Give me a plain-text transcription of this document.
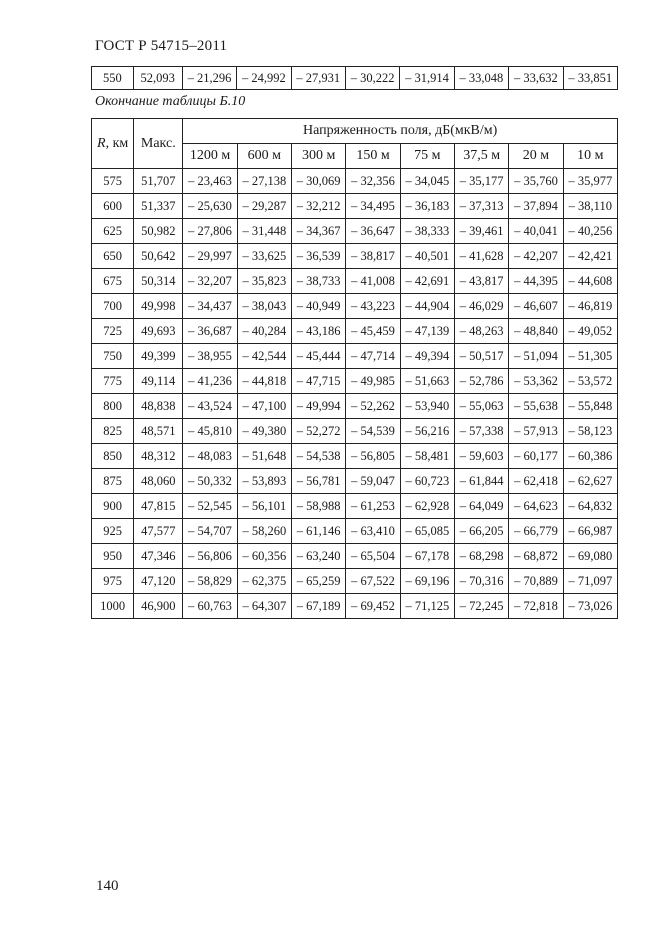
ГОСТ Р 54715–2011
550	52,093	– 21,296	– 24,992	– 27,931	– 30,222	– 31,914	– 33,048	– 33,632	– 33,851
Окончание таблицы Б.10
R, км	Макс.	Напряженность поля, дБ(мкВ/м)							
		1200 м	600 м	300 м	150 м	75 м	37,5 м	20 м	10 м
575	51,707	– 23,463	– 27,138	– 30,069	– 32,356	– 34,045	– 35,177	– 35,760	– 35,977
600	51,337	– 25,630	– 29,287	– 32,212	– 34,495	– 36,183	– 37,313	– 37,894	– 38,110
625	50,982	– 27,806	– 31,448	– 34,367	– 36,647	– 38,333	– 39,461	– 40,041	– 40,256
650	50,642	– 29,997	– 33,625	– 36,539	– 38,817	– 40,501	– 41,628	– 42,207	– 42,421
675	50,314	– 32,207	– 35,823	– 38,733	– 41,008	– 42,691	– 43,817	– 44,395	– 44,608
700	49,998	– 34,437	– 38,043	– 40,949	– 43,223	– 44,904	– 46,029	– 46,607	– 46,819
725	49,693	– 36,687	– 40,284	– 43,186	– 45,459	– 47,139	– 48,263	– 48,840	– 49,052
750	49,399	– 38,955	– 42,544	– 45,444	– 47,714	– 49,394	– 50,517	– 51,094	– 51,305
775	49,114	– 41,236	– 44,818	– 47,715	– 49,985	– 51,663	– 52,786	– 53,362	– 53,572
800	48,838	– 43,524	– 47,100	– 49,994	– 52,262	– 53,940	– 55,063	– 55,638	– 55,848
825	48,571	– 45,810	– 49,380	– 52,272	– 54,539	– 56,216	– 57,338	– 57,913	– 58,123
850	48,312	– 48,083	– 51,648	– 54,538	– 56,805	– 58,481	– 59,603	– 60,177	– 60,386
875	48,060	– 50,332	– 53,893	– 56,781	– 59,047	– 60,723	– 61,844	– 62,418	– 62,627
900	47,815	– 52,545	– 56,101	– 58,988	– 61,253	– 62,928	– 64,049	– 64,623	– 64,832
925	47,577	– 54,707	– 58,260	– 61,146	– 63,410	– 65,085	– 66,205	– 66,779	– 66,987
950	47,346	– 56,806	– 60,356	– 63,240	– 65,504	– 67,178	– 68,298	– 68,872	– 69,080
975	47,120	– 58,829	– 62,375	– 65,259	– 67,522	– 69,196	– 70,316	– 70,889	– 71,097
1000	46,900	– 60,763	– 64,307	– 67,189	– 69,452	– 71,125	– 72,245	– 72,818	– 73,026
140
